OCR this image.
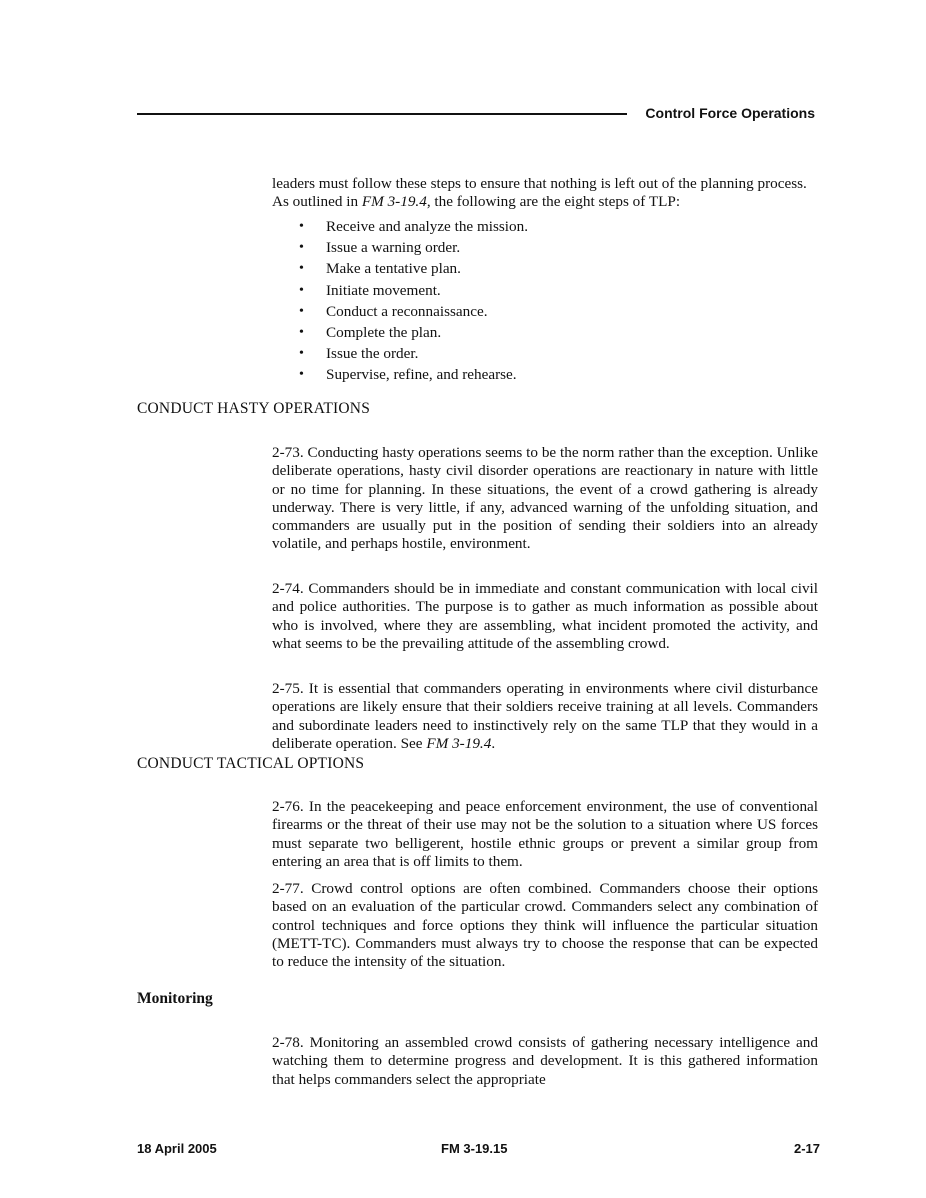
Control Force Operations

leaders must follow these steps to ensure that nothing is left out of the planning process. As outlined in FM 3-19.4, the following are the eight steps of TLP:

• Receive and analyze the mission.
• Issue a warning order.
• Make a tentative plan.
• Initiate movement.
• Conduct a reconnaissance.
• Complete the plan.
• Issue the order.
• Supervise, refine, and rehearse.
CONDUCT HASTY OPERATIONS

2-73. Conducting hasty operations seems to be the norm rather than the exception. Unlike deliberate operations, hasty civil disorder operations are reactionary in nature with little or no time for planning. In these situations, the event of a crowd gathering is already underway. There is very little, if any, advanced warning of the unfolding situation, and commanders are usually put in the position of sending their soldiers into an already volatile, and perhaps hostile, environment.

2-74. Commanders should be in immediate and constant communication with local civil and police authorities. The purpose is to gather as much information as possible about who is involved, where they are assembling, what incident promoted the activity, and what seems to be the prevailing attitude of the assembling crowd.

2-75. It is essential that commanders operating in environments where civil disturbance operations are likely ensure that their soldiers receive training at all levels. Commanders and subordinate leaders need to instinctively rely on the same TLP that they would in a deliberate operation. See FM 3-19.4.

CONDUCT TACTICAL OPTIONS

2-76. In the peacekeeping and peace enforcement environment, the use of conventional firearms or the threat of their use may not be the solution to a situation where US forces must separate two belligerent, hostile ethnic groups or prevent a similar group from entering an area that is off limits to them.

2-77. Crowd control options are often combined. Commanders choose their options based on an evaluation of the particular crowd. Commanders select any combination of control techniques and force options they think will influence the particular situation (METT-TC). Commanders must always try to choose the response that can be expected to reduce the intensity of the situation.

Monitoring

2-78. Monitoring an assembled crowd consists of gathering necessary intelligence and watching them to determine progress and development. It is this gathered information that helps commanders select the appropriate

18 April 2005	FM 3-19.15	2-17
